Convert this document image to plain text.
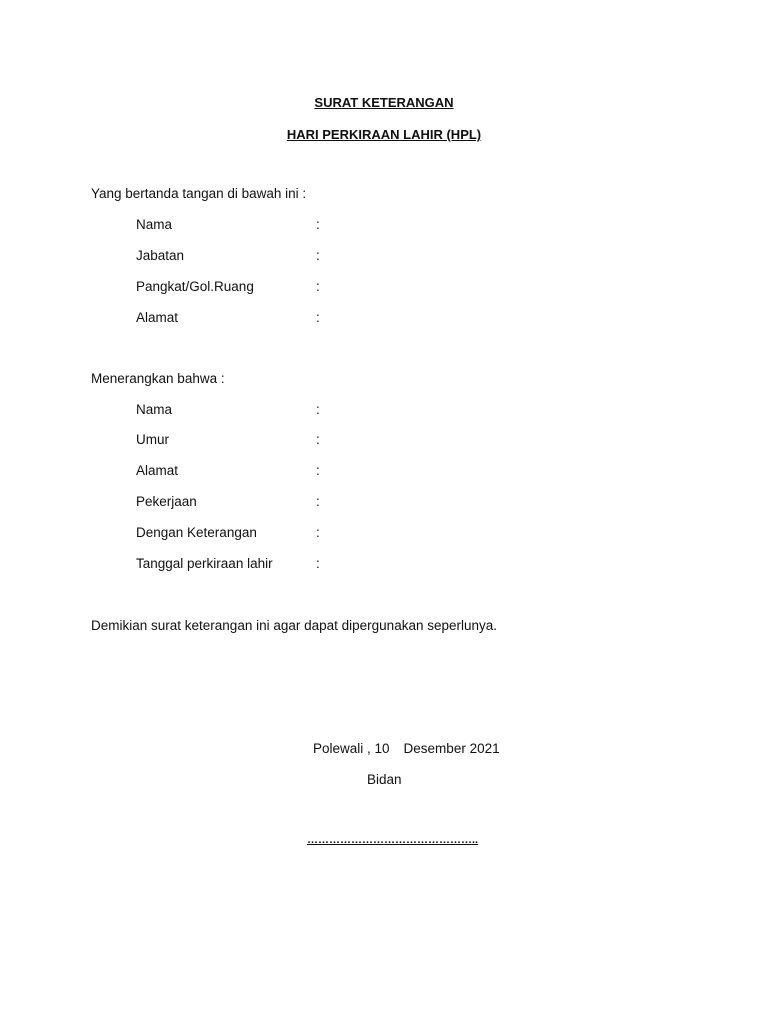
SURAT KETERANGAN
HARI PERKIRAAN LAHIR (HPL)
Yang bertanda tangan di bawah ini :
Nama	:
Jabatan	:
Pangkat/Gol.Ruang	:
Alamat	:
Menerangkan bahwa :
Nama	:
Umur	:
Alamat	:
Pekerjaan	:
Dengan Keterangan	:
Tanggal perkiraan lahir	:
Demikian surat keterangan ini agar dapat dipergunakan seperlunya.
Polewali , 10 Desember 2021
Bidan
………………………………………..
